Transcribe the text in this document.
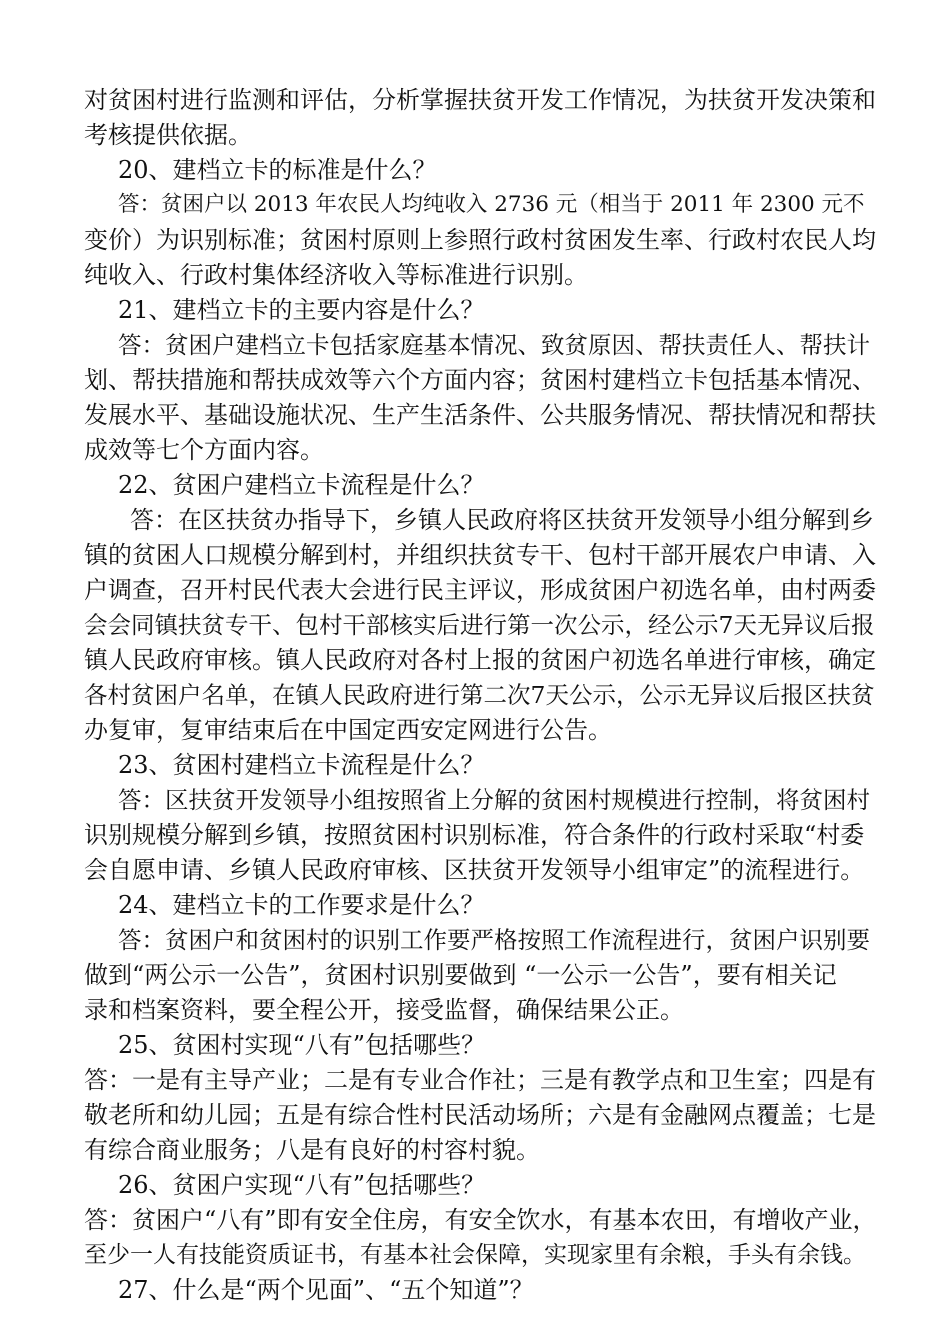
对贫困村进行监测和评估，分析掌握扶贫开发工作情况，为扶贫开发决策和
考核提供依据。
20、建档立卡的标准是什么？
答：贫困户以 2013 年农民人均纯收入 2736 元（相当于 2011 年 2300 元不
变价）为识别标准；贫困村原则上参照行政村贫困发生率、行政村农民人均
纯收入、行政村集体经济收入等标准进行识别。
21、建档立卡的主要内容是什么？
答：贫困户建档立卡包括家庭基本情况、致贫原因、帮扶责任人、帮扶计
划、帮扶措施和帮扶成效等六个方面内容；贫困村建档立卡包括基本情况、
发展水平、基础设施状况、生产生活条件、公共服务情况、帮扶情况和帮扶
成效等七个方面内容。
22、贫困户建档立卡流程是什么？
答：在区扶贫办指导下，乡镇人民政府将区扶贫开发领导小组分解到乡
镇的贫困人口规模分解到村，并组织扶贫专干、包村干部开展农户申请、入
户调查，召开村民代表大会进行民主评议，形成贫困户初选名单，由村两委
会会同镇扶贫专干、包村干部核实后进行第一次公示，经公示7天无异议后报
镇人民政府审核。镇人民政府对各村上报的贫困户初选名单进行审核，确定
各村贫困户名单，在镇人民政府进行第二次7天公示，公示无异议后报区扶贫
办复审，复审结束后在中国定西安定网进行公告。
23、贫困村建档立卡流程是什么？
答：区扶贫开发领导小组按照省上分解的贫困村规模进行控制，将贫困村
识别规模分解到乡镇，按照贫困村识别标准，符合条件的行政村采取“村委
会自愿申请、乡镇人民政府审核、区扶贫开发领导小组审定”的流程进行。
24、建档立卡的工作要求是什么？
答：贫困户和贫困村的识别工作要严格按照工作流程进行，贫困户识别要
做到“两公示一公告”，贫困村识别要做到 “一公示一公告”，要有相关记
录和档案资料，要全程公开，接受监督，确保结果公正。
25、贫困村实现“八有”包括哪些？
答：一是有主导产业；二是有专业合作社；三是有教学点和卫生室；四是有
敬老所和幼儿园；五是有综合性村民活动场所；六是有金融网点覆盖；七是
有综合商业服务；八是有良好的村容村貌。
26、贫困户实现“八有”包括哪些？
答：贫困户“八有”即有安全住房，有安全饮水，有基本农田，有增收产业，
至少一人有技能资质证书，有基本社会保障，实现家里有余粮，手头有余钱。
27、什么是“两个见面”、“五个知道”？
